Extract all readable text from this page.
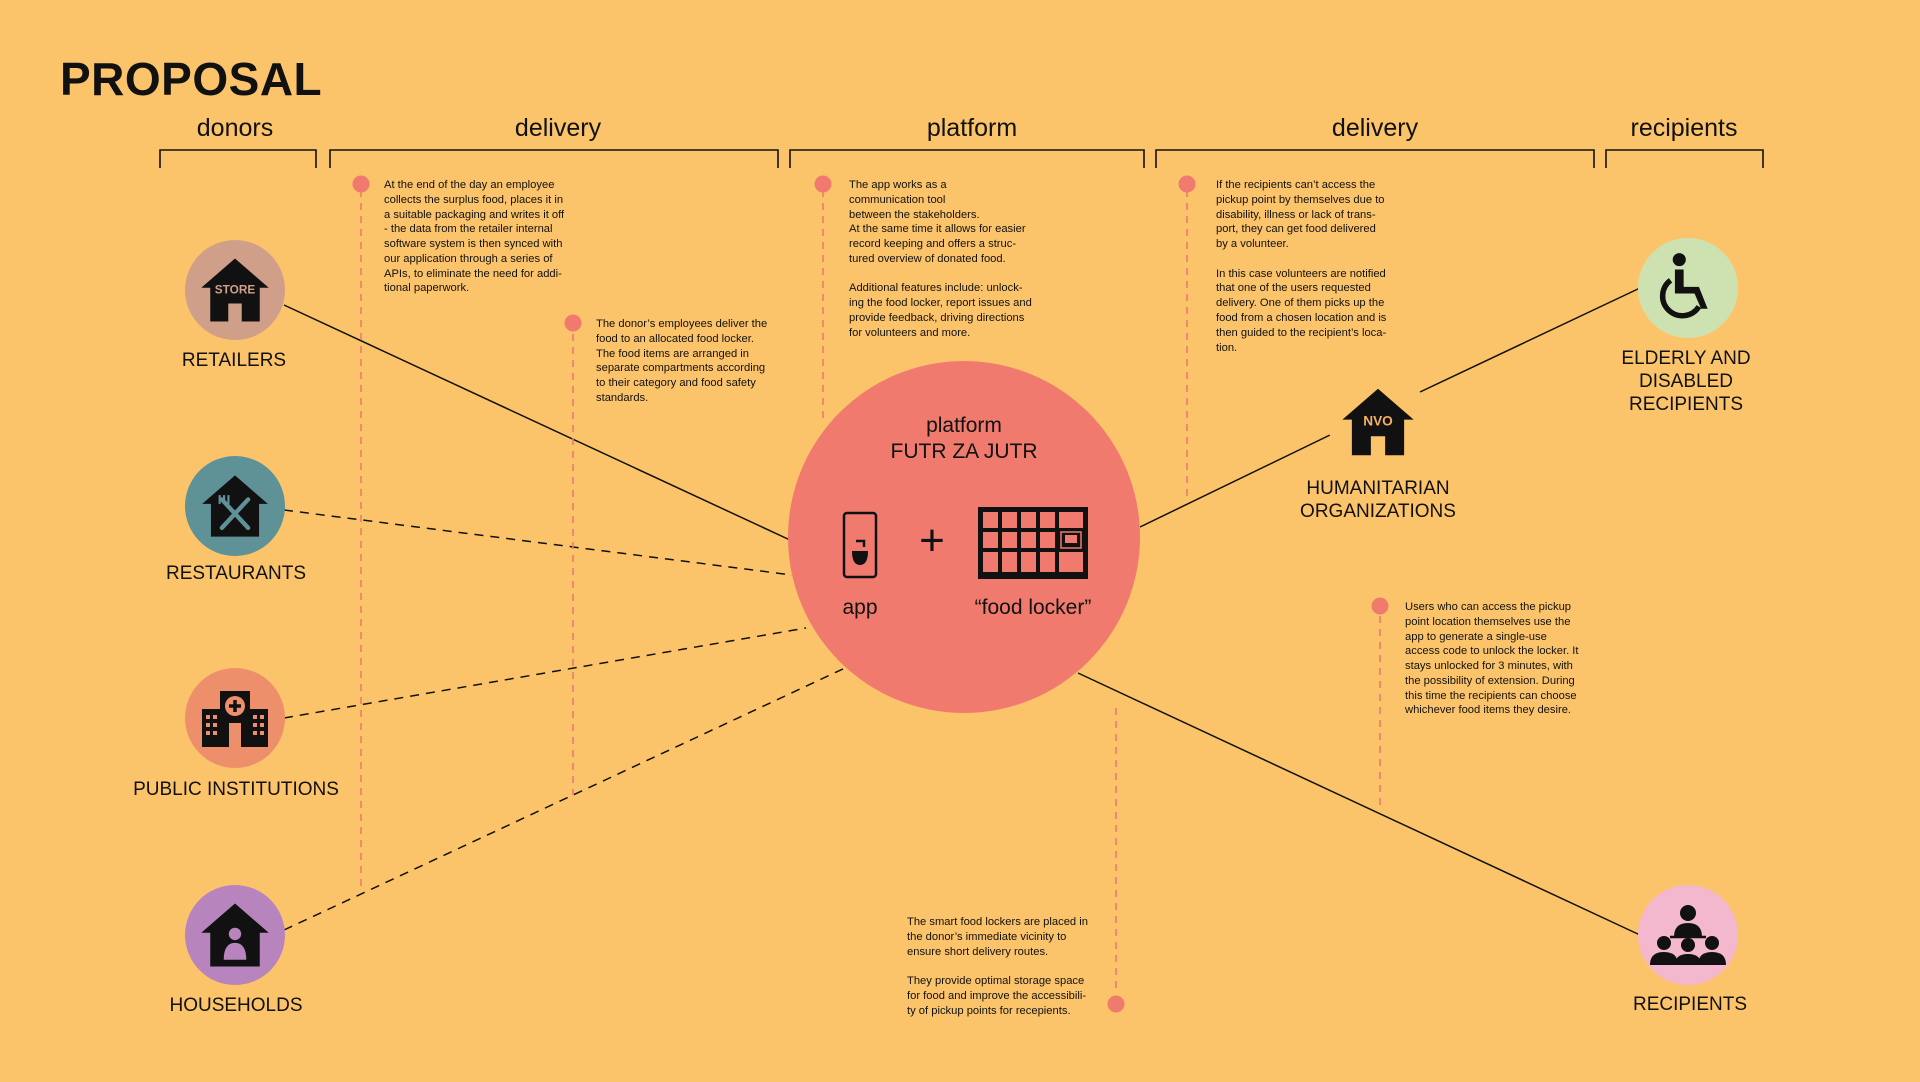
PROPOSAL
donors	delivery	platform	delivery	recipients
STORE
RETAILERS
RESTAURANTS
PUBLIC INSTITUTIONS
HOUSEHOLDS
platform
FUTR ZA JUTR
+
app	“food locker”
ELDERLY AND
DISABLED
RECIPIENTS
NVO
HUMANITARIAN
ORGANIZATIONS
RECIPIENTS
At the end of the day an employee
collects the surplus food, places it in
a suitable packaging and writes it off
- the data from the retailer internal
software system is then synced with
our application through a series of
APIs, to eliminate the need for addi-
tional paperwork.
The donor’s employees deliver the
food to an allocated food locker.
The food items are arranged in
separate compartments according
to their category and food safety
standards.
The app works as a
communication tool
between the stakeholders.
At the same time it allows for easier
record keeping and offers a struc-
tured overview of donated food.

Additional features include: unlock-
ing the food locker, report issues and
provide feedback, driving directions
for volunteers and more.
If the recipients can’t access the
pickup point by themselves due to
disability, illness or lack of trans-
port, they can get food delivered
by a volunteer.

In this case volunteers are notified
that one of the users requested
delivery. One of them picks up the
food from a chosen location and is
then guided to the recipient’s loca-
tion.
Users who can access the pickup
point location themselves use the
app to generate a single-use
access code to unlock the locker. It
stays unlocked for 3 minutes, with
the possibility of extension. During
this time the recipients can choose
whichever food items they desire.
The smart food lockers are placed in
the donor’s immediate vicinity to
ensure short delivery routes.

They provide optimal storage space
for food and improve the accessibili-
ty of pickup points for recepients.
